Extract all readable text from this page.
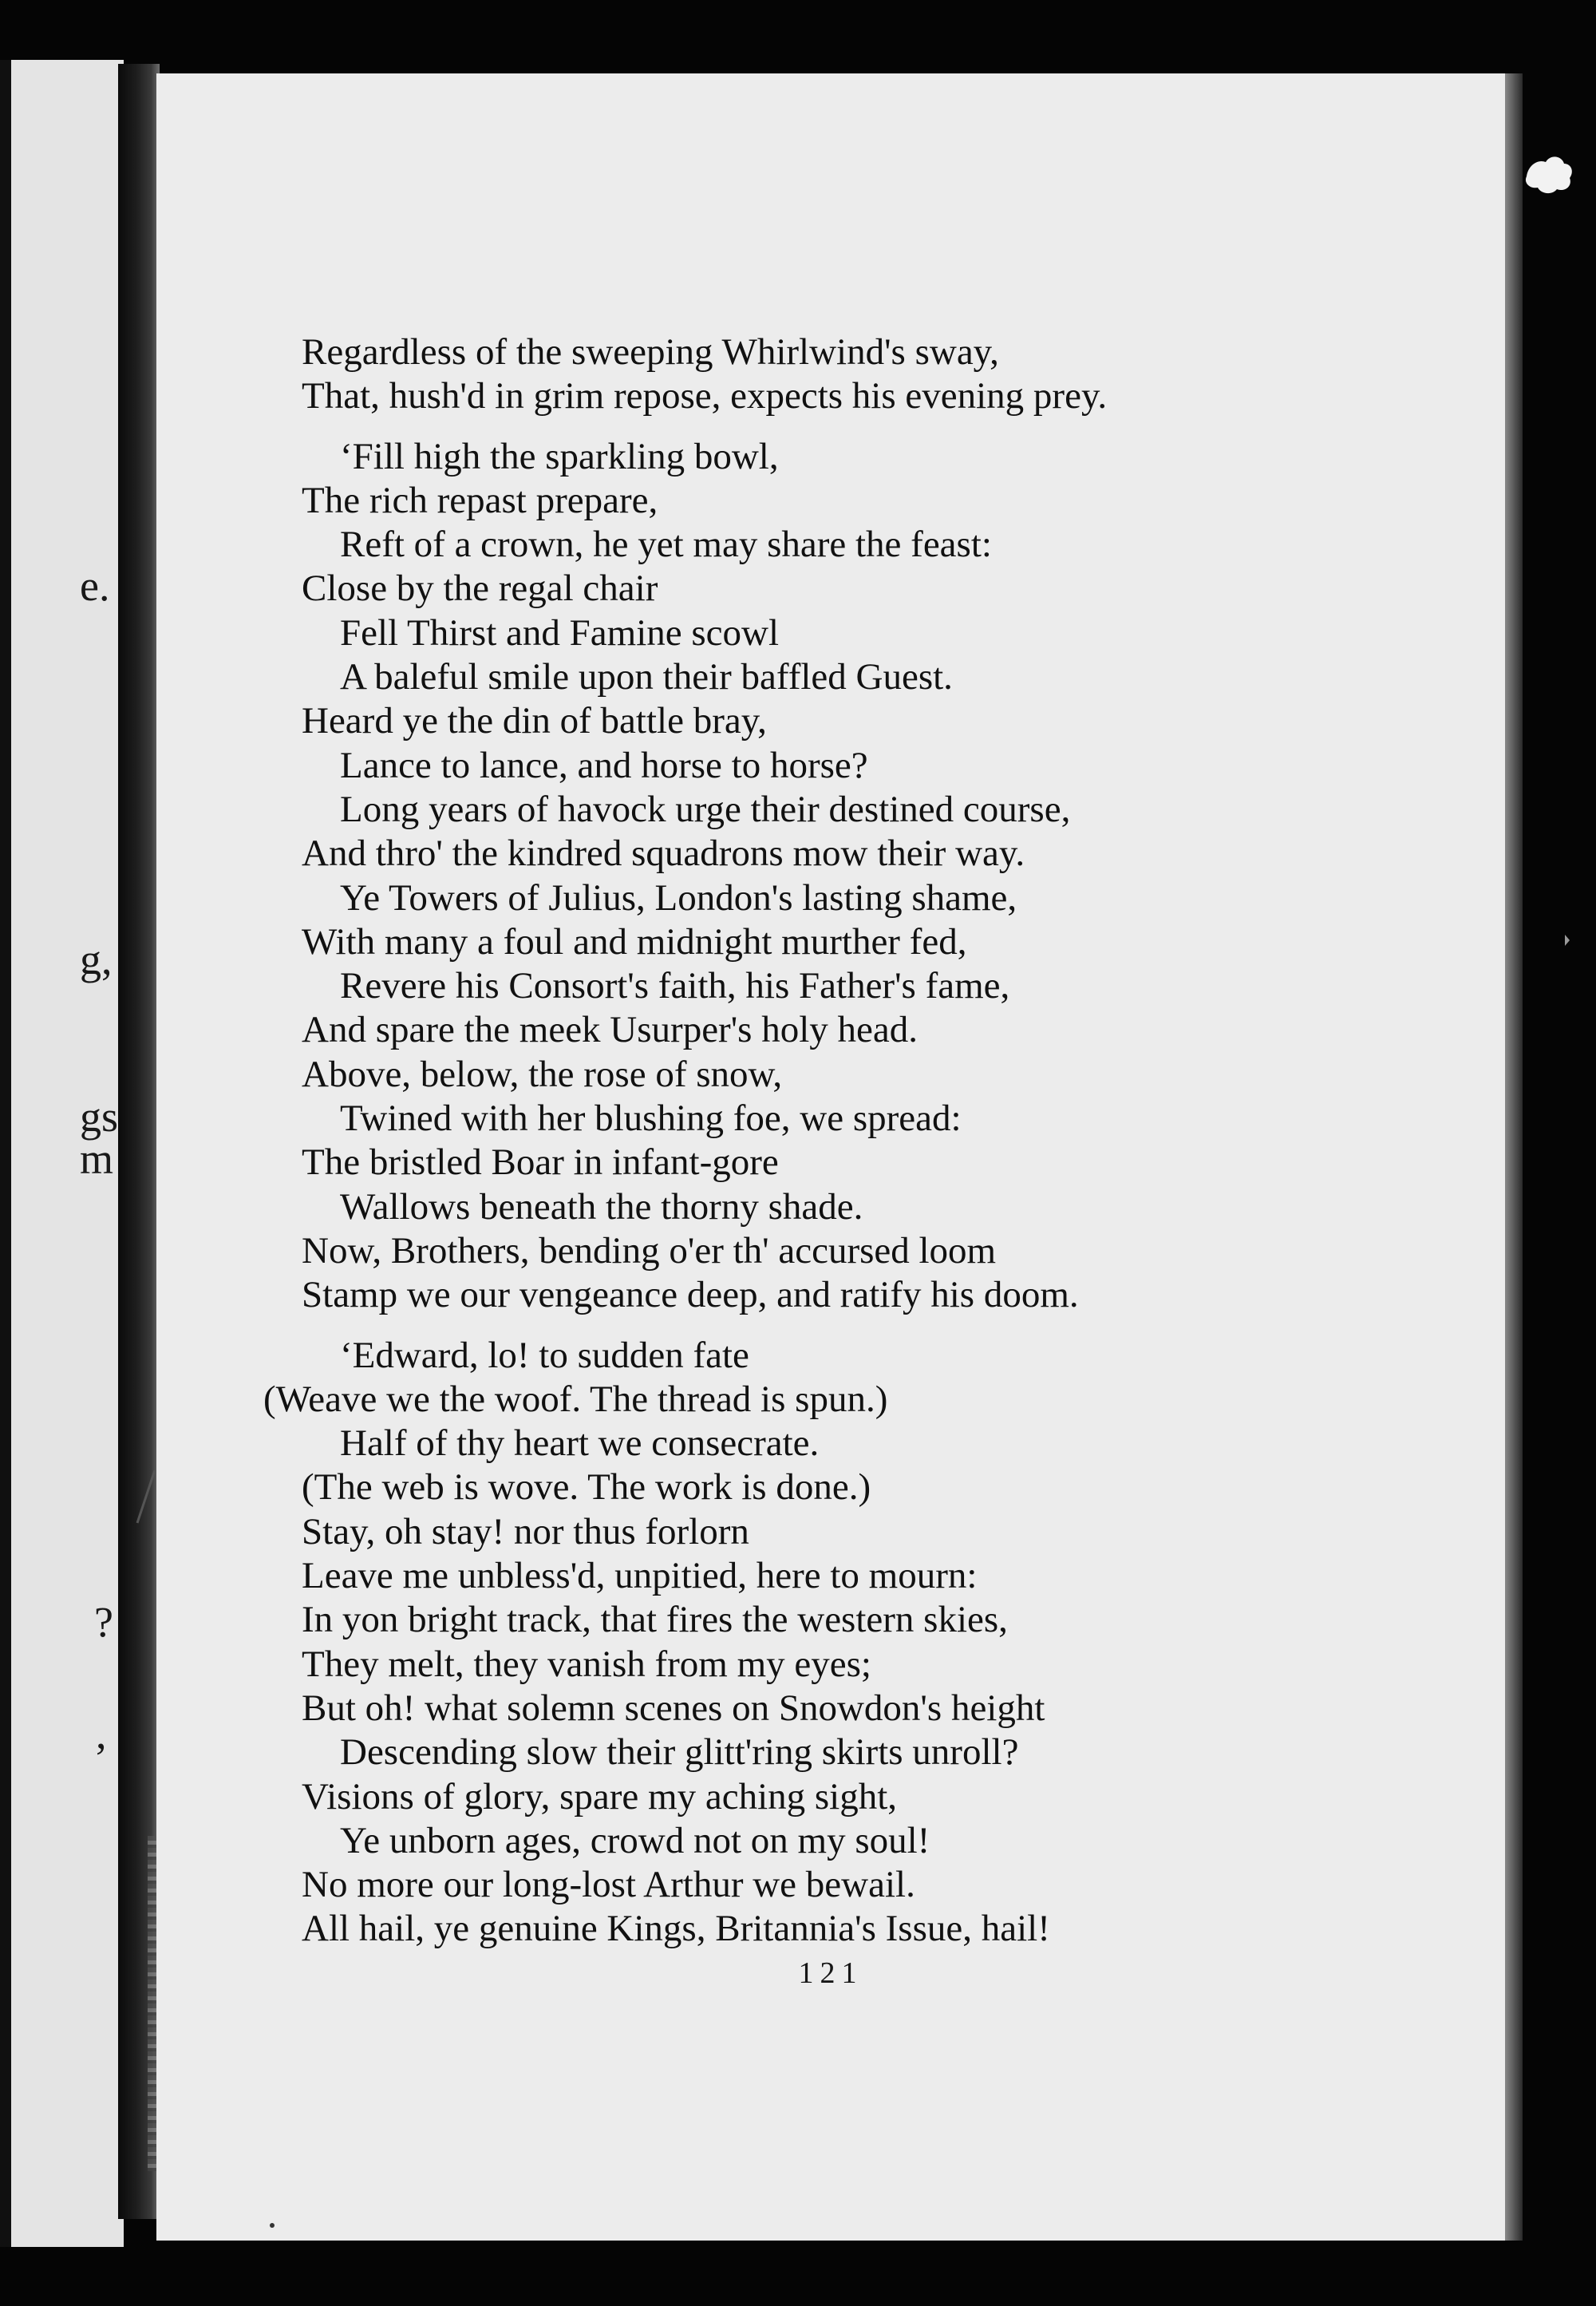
e.
g,
gs
m
?
,
Regardless of the sweeping Whirlwind's sway,
That, hush'd in grim repose, expects his evening prey.
‘Fill high the sparkling bowl,
The rich repast prepare,
Reft of a crown, he yet may share the feast:
Close by the regal chair
Fell Thirst and Famine scowl
A baleful smile upon their baffled Guest.
Heard ye the din of battle bray,
Lance to lance, and horse to horse?
Long years of havock urge their destined course,
And thro' the kindred squadrons mow their way.
Ye Towers of Julius, London's lasting shame,
With many a foul and midnight murther fed,
Revere his Consort's faith, his Father's fame,
And spare the meek Usurper's holy head.
Above, below, the rose of snow,
Twined with her blushing foe, we spread:
The bristled Boar in infant-gore
Wallows beneath the thorny shade.
Now, Brothers, bending o'er th' accursed loom
Stamp we our vengeance deep, and ratify his doom.
‘Edward, lo! to sudden fate
(Weave we the woof. The thread is spun.)
Half of thy heart we consecrate.
(The web is wove. The work is done.)
Stay, oh stay! nor thus forlorn
Leave me unbless'd, unpitied, here to mourn:
In yon bright track, that fires the western skies,
They melt, they vanish from my eyes;
But oh! what solemn scenes on Snowdon's height
Descending slow their glitt'ring skirts unroll?
Visions of glory, spare my aching sight,
Ye unborn ages, crowd not on my soul!
No more our long-lost Arthur we bewail.
All hail, ye genuine Kings, Britannia's Issue, hail!
121
